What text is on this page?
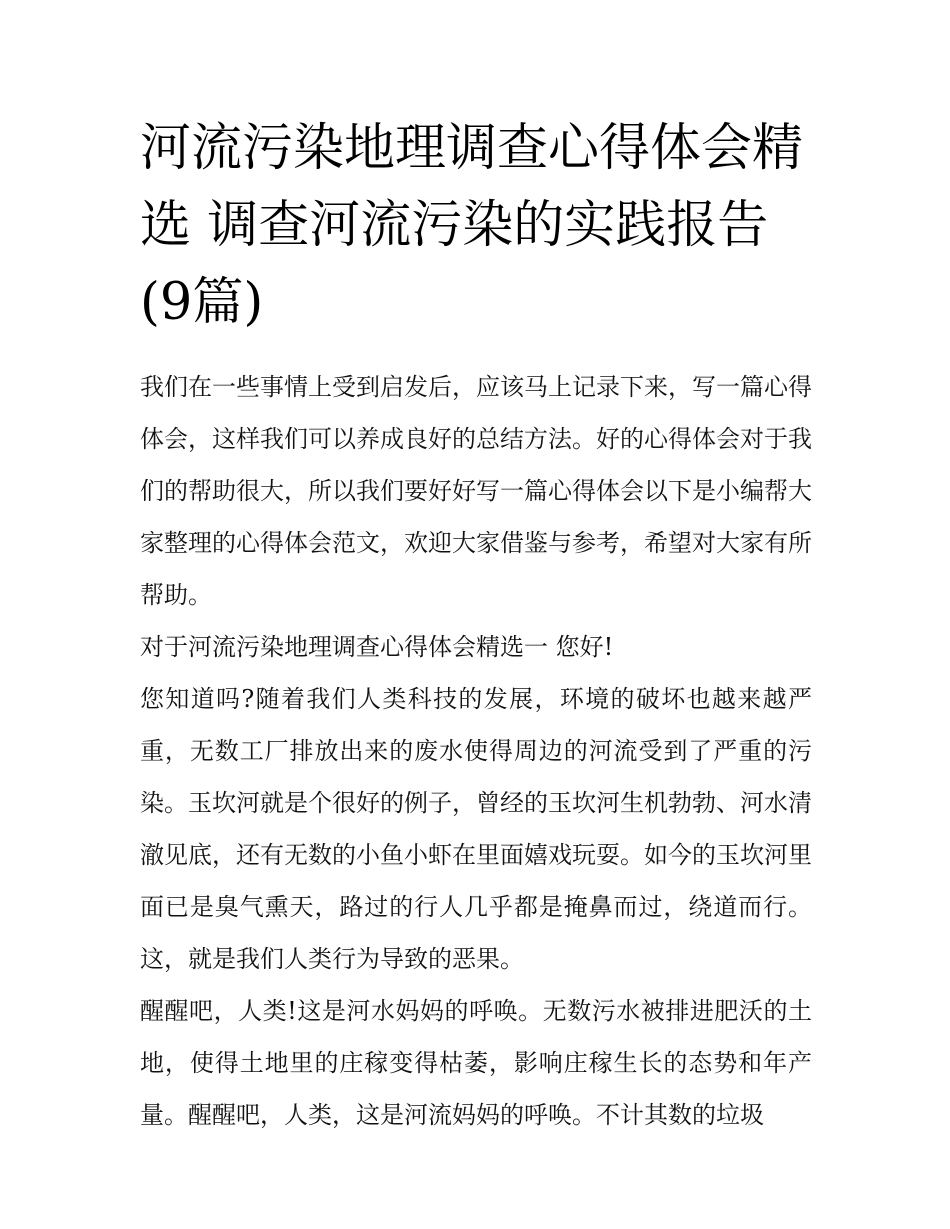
河流污染地理调查心得体会精选 调查河流污染的实践报告(9篇)

我们在一些事情上受到启发后，应该马上记录下来，写一篇心得体会，这样我们可以养成良好的总结方法。好的心得体会对于我们的帮助很大，所以我们要好好写一篇心得体会以下是小编帮大家整理的心得体会范文，欢迎大家借鉴与参考，希望对大家有所帮助。

对于河流污染地理调查心得体会精选一 您好!

您知道吗?随着我们人类科技的发展，环境的破坏也越来越严重，无数工厂排放出来的废水使得周边的河流受到了严重的污染。玉坎河就是个很好的例子，曾经的玉坎河生机勃勃、河水清澈见底，还有无数的小鱼小虾在里面嬉戏玩耍。如今的玉坎河里面已是臭气熏天，路过的行人几乎都是掩鼻而过，绕道而行。这，就是我们人类行为导致的恶果。

醒醒吧，人类!这是河水妈妈的呼唤。无数污水被排进肥沃的土地，使得土地里的庄稼变得枯萎，影响庄稼生长的态势和年产量。醒醒吧，人类，这是河流妈妈的呼唤。不计其数的垃圾
